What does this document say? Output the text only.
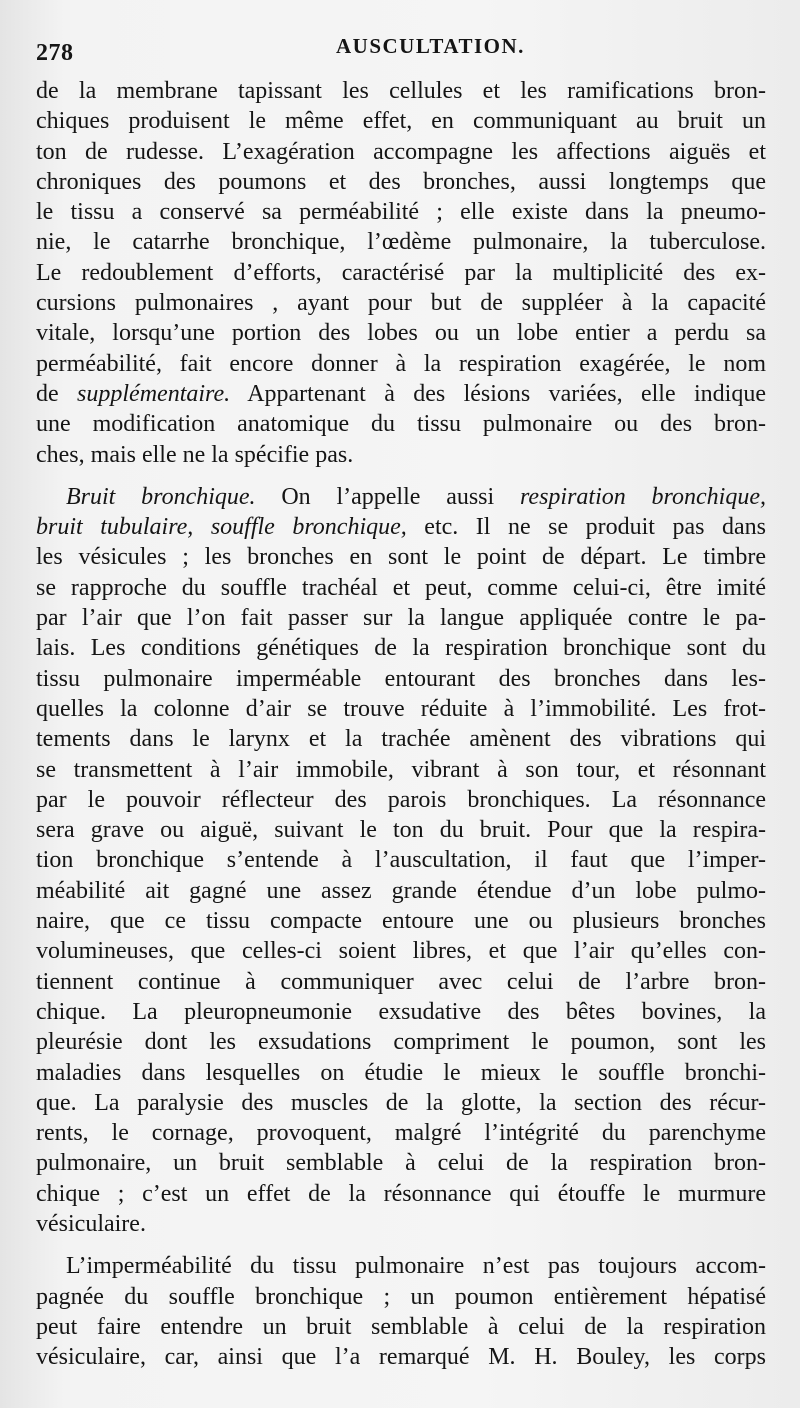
278	AUSCULTATION.
de la membrane tapissant les cellules et les ramifications bron-
chiques produisent le même effet, en communiquant au bruit un
ton de rudesse. L’exagération accompagne les affections aiguës et
chroniques des poumons et des bronches, aussi longtemps que
le tissu a conservé sa perméabilité ; elle existe dans la pneumo-
nie, le catarrhe bronchique, l’œdème pulmonaire, la tuberculose.
Le redoublement d’efforts, caractérisé par la multiplicité des ex-
cursions pulmonaires , ayant pour but de suppléer à la capacité
vitale, lorsqu’une portion des lobes ou un lobe entier a perdu sa
perméabilité, fait encore donner à la respiration exagérée, le nom
de supplémentaire. Appartenant à des lésions variées, elle indique
une modification anatomique du tissu pulmonaire ou des bron-
ches, mais elle ne la spécifie pas.
Bruit bronchique. On l’appelle aussi respiration bronchique,
bruit tubulaire, souffle bronchique, etc. Il ne se produit pas dans
les vésicules ; les bronches en sont le point de départ. Le timbre
se rapproche du souffle trachéal et peut, comme celui-ci, être imité
par l’air que l’on fait passer sur la langue appliquée contre le pa-
lais. Les conditions génétiques de la respiration bronchique sont du
tissu pulmonaire imperméable entourant des bronches dans les-
quelles la colonne d’air se trouve réduite à l’immobilité. Les frot-
tements dans le larynx et la trachée amènent des vibrations qui
se transmettent à l’air immobile, vibrant à son tour, et résonnant
par le pouvoir réflecteur des parois bronchiques. La résonnance
sera grave ou aiguë, suivant le ton du bruit. Pour que la respira-
tion bronchique s’entende à l’auscultation, il faut que l’imper-
méabilité ait gagné une assez grande étendue d’un lobe pulmo-
naire, que ce tissu compacte entoure une ou plusieurs bronches
volumineuses, que celles-ci soient libres, et que l’air qu’elles con-
tiennent continue à communiquer avec celui de l’arbre bron-
chique. La pleuropneumonie exsudative des bêtes bovines, la
pleurésie dont les exsudations compriment le poumon, sont les
maladies dans lesquelles on étudie le mieux le souffle bronchi-
que. La paralysie des muscles de la glotte, la section des récur-
rents, le cornage, provoquent, malgré l’intégrité du parenchyme
pulmonaire, un bruit semblable à celui de la respiration bron-
chique ; c’est un effet de la résonnance qui étouffe le murmure
vésiculaire.
L’imperméabilité du tissu pulmonaire n’est pas toujours accom-
pagnée du souffle bronchique ; un poumon entièrement hépatisé
peut faire entendre un bruit semblable à celui de la respiration
vésiculaire, car, ainsi que l’a remarqué M. H. Bouley, les corps
